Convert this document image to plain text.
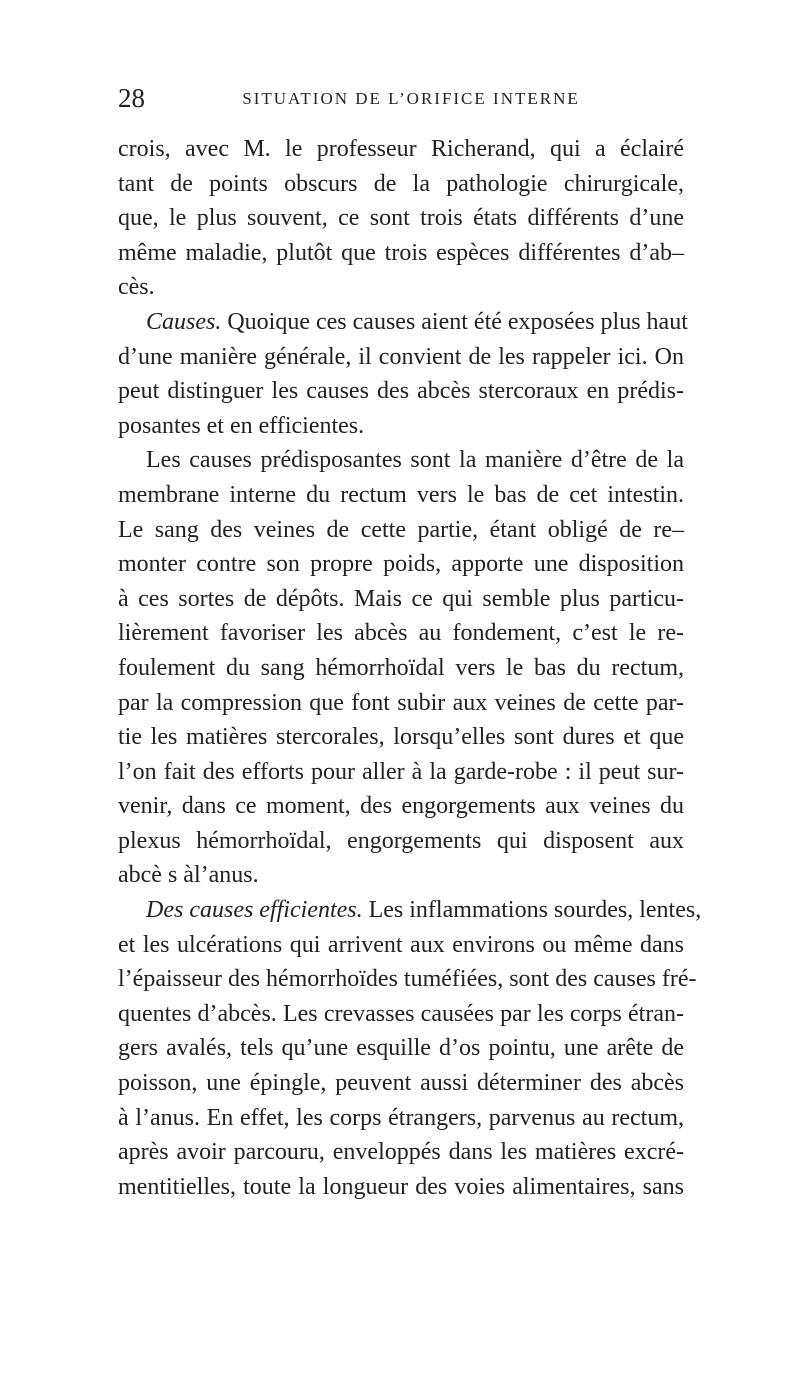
28	SITUATION DE L’ORIFICE INTERNE
crois, avec M. le professeur Richerand, qui a éclairé
tant de points obscurs de la pathologie chirurgicale,
que, le plus souvent, ce sont trois états différents d’une
même maladie, plutôt que trois espèces différentes d’ab–
cès.
Causes. Quoique ces causes aient été exposées plus haut
d’une manière générale, il convient de les rappeler ici. On
peut distinguer les causes des abcès stercoraux en prédis-
posantes et en efficientes.
Les causes prédisposantes sont la manière d’être de la
membrane interne du rectum vers le bas de cet intestin.
Le sang des veines de cette partie, étant obligé de re–
monter contre son propre poids, apporte une disposition
à ces sortes de dépôts. Mais ce qui semble plus particu-
lièrement favoriser les abcès au fondement, c’est le re-
foulement du sang hémorrhoïdal vers le bas du rectum,
par la compression que font subir aux veines de cette par-
tie les matières stercorales, lorsqu’elles sont dures et que
l’on fait des efforts pour aller à la garde-robe : il peut sur-
venir, dans ce moment, des engorgements aux veines du
plexus hémorrhoïdal, engorgements qui disposent aux
abcè s àl’anus.
Des causes efficientes. Les inflammations sourdes, lentes,
et les ulcérations qui arrivent aux environs ou même dans
l’épaisseur des hémorrhoïdes tuméfiées, sont des causes fré-
quentes d’abcès. Les crevasses causées par les corps étran-
gers avalés, tels qu’une esquille d’os pointu, une arête de
poisson, une épingle, peuvent aussi déterminer des abcès
à l’anus. En effet, les corps étrangers, parvenus au rectum,
après avoir parcouru, enveloppés dans les matières excré-
mentitielles, toute la longueur des voies alimentaires, sans
